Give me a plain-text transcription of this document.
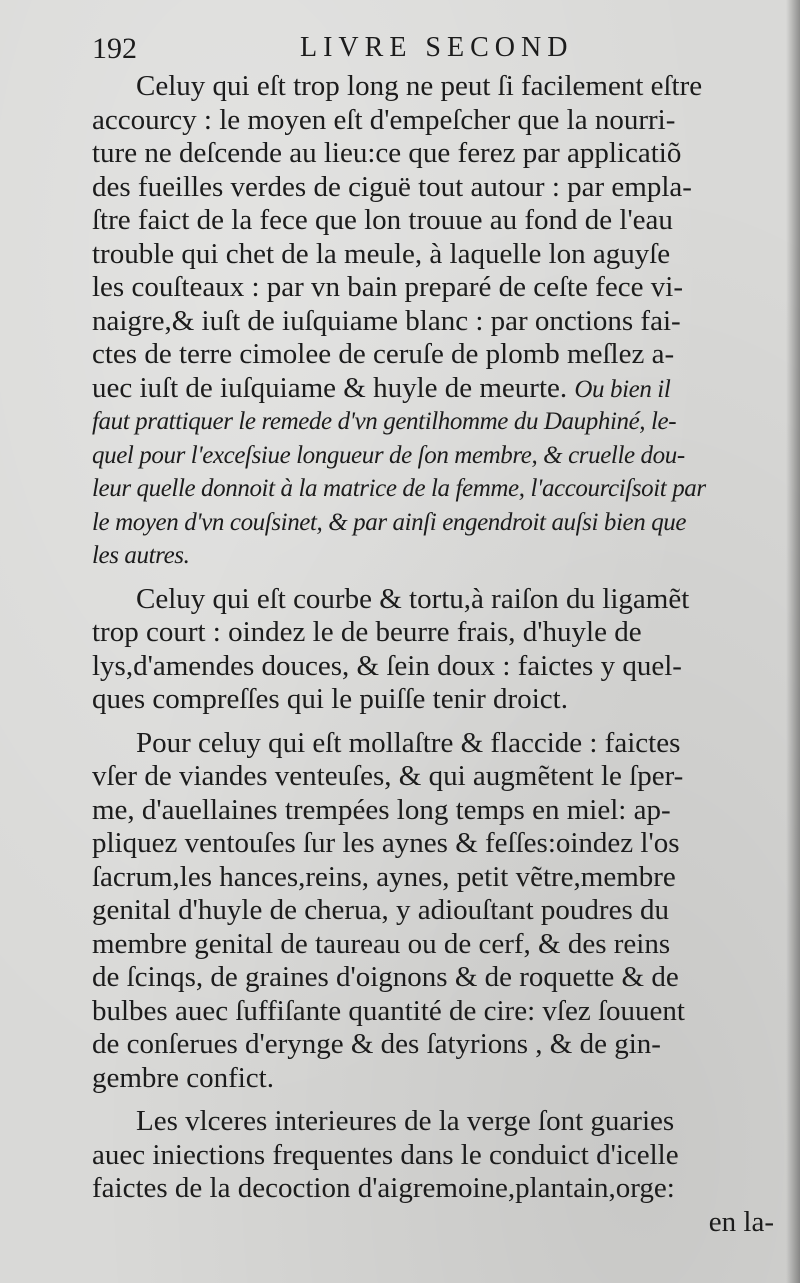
192	LIVRE SECOND
Celuy qui eſt trop long ne peut ſi facilement eſtre
accourcy : le moyen eſt d'empeſcher que la nourri-
ture ne deſcende au lieu:ce que ferez par applicatiõ
des fueilles verdes de ciguë tout autour : par empla-
ſtre faict de la fece que lon trouue au fond de l'eau
trouble qui chet de la meule, à laquelle lon aguyſe
les couſteaux : par vn bain preparé de ceſte fece vi-
naigre,& iuſt de iuſquiame blanc : par onctions fai-
ctes de terre cimolee de ceruſe de plomb meſlez a-
uec iuſt de iuſquiame & huyle de meurte. Ou bien il
faut prattiquer le remede d'vn gentilhomme du Dauphiné, le-
quel pour l'exceſsiue longueur de ſon membre, & cruelle dou-
leur quelle donnoit à la matrice de la femme, l'accourciſsoit par
le moyen d'vn couſsinet, & par ainſi engendroit auſsi bien que
les autres.
Celuy qui eſt courbe & tortu,à raiſon du ligamẽt
trop court : oindez le de beurre frais, d'huyle de
lys,d'amendes douces, & ſein doux : faictes y quel-
ques compreſſes qui le puiſſe tenir droict.
Pour celuy qui eſt mollaſtre & flaccide : faictes
vſer de viandes venteuſes, & qui augmẽtent le ſper-
me, d'auellaines trempées long temps en miel: ap-
pliquez ventouſes ſur les aynes & feſſes:oindez l'os
ſacrum,les hances,reins, aynes, petit vẽtre,membre
genital d'huyle de cherua, y adiouſtant poudres du
membre genital de taureau ou de cerf, & des reins
de ſcinqs, de graines d'oignons & de roquette & de
bulbes auec ſuffiſante quantité de cire: vſez ſouuent
de conſerues d'erynge & des ſatyrions , & de gin-
gembre confict.
Les vlceres interieures de la verge ſont guaries
auec iniections frequentes dans le conduict d'icelle
faictes de la decoction d'aigremoine,plantain,orge:
en la-
